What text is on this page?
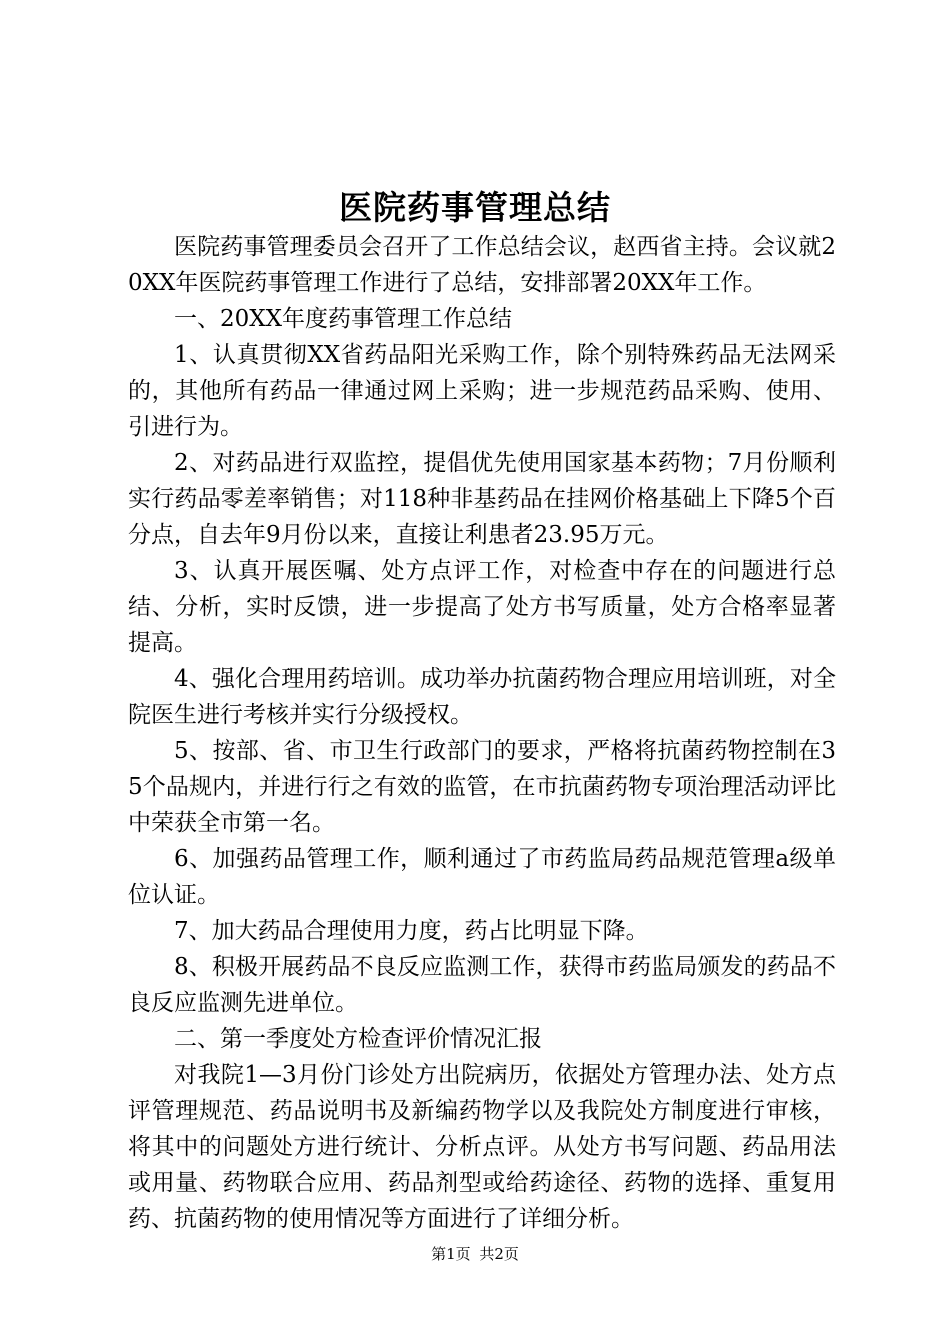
医院药事管理总结

医院药事管理委员会召开了工作总结会议，赵西省主持。会议就20XX年医院药事管理工作进行了总结，安排部署20XX年工作。

一、20XX年度药事管理工作总结

1、认真贯彻XX省药品阳光采购工作，除个别特殊药品无法网采的，其他所有药品一律通过网上采购；进一步规范药品采购、使用、引进行为。

2、对药品进行双监控，提倡优先使用国家基本药物；7月份顺利实行药品零差率销售；对118种非基药品在挂网价格基础上下降5个百分点，自去年9月份以来，直接让利患者23.95万元。

3、认真开展医嘱、处方点评工作，对检查中存在的问题进行总结、分析，实时反馈，进一步提高了处方书写质量，处方合格率显著提高。

4、强化合理用药培训。成功举办抗菌药物合理应用培训班，对全院医生进行考核并实行分级授权。

5、按部、省、市卫生行政部门的要求，严格将抗菌药物控制在35个品规内，并进行行之有效的监管，在市抗菌药物专项治理活动评比中荣获全市第一名。

6、加强药品管理工作，顺利通过了市药监局药品规范管理a级单位认证。

7、加大药品合理使用力度，药占比明显下降。

8、积极开展药品不良反应监测工作，获得市药监局颁发的药品不良反应监测先进单位。

二、第一季度处方检查评价情况汇报

对我院1—3月份门诊处方出院病历，依据处方管理办法、处方点评管理规范、药品说明书及新编药物学以及我院处方制度进行审核，将其中的问题处方进行统计、分析点评。从处方书写问题、药品用法或用量、药物联合应用、药品剂型或给药途径、药物的选择、重复用药、抗菌药物的使用情况等方面进行了详细分析。

第1页 共2页
